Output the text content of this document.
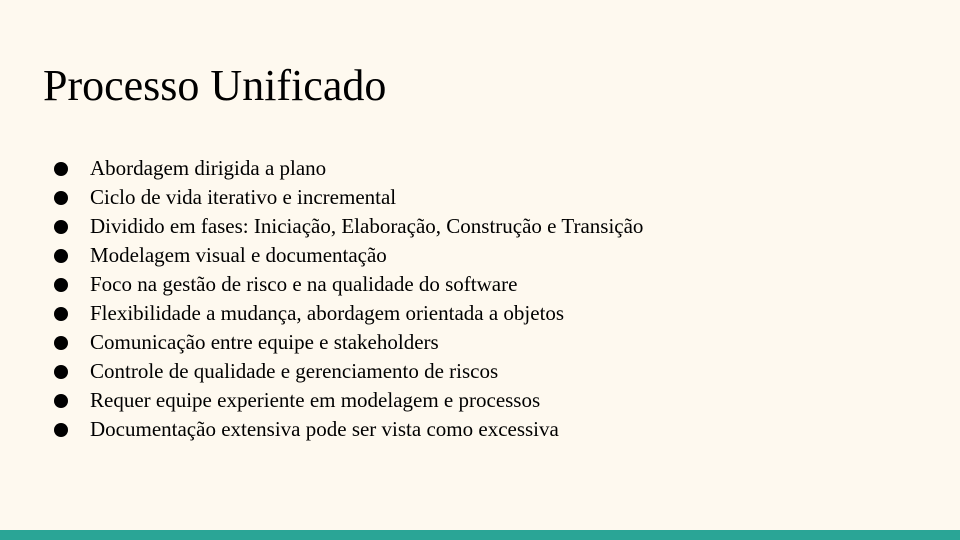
Processo Unificado
Abordagem dirigida a plano
Ciclo de vida iterativo e incremental
Dividido em fases: Iniciação, Elaboração, Construção e Transição
Modelagem visual e documentação
Foco na gestão de risco e na qualidade do software
Flexibilidade a mudança, abordagem orientada a objetos
Comunicação entre equipe e stakeholders
Controle de qualidade e gerenciamento de riscos
Requer equipe experiente em modelagem e processos
Documentação extensiva pode ser vista como excessiva
